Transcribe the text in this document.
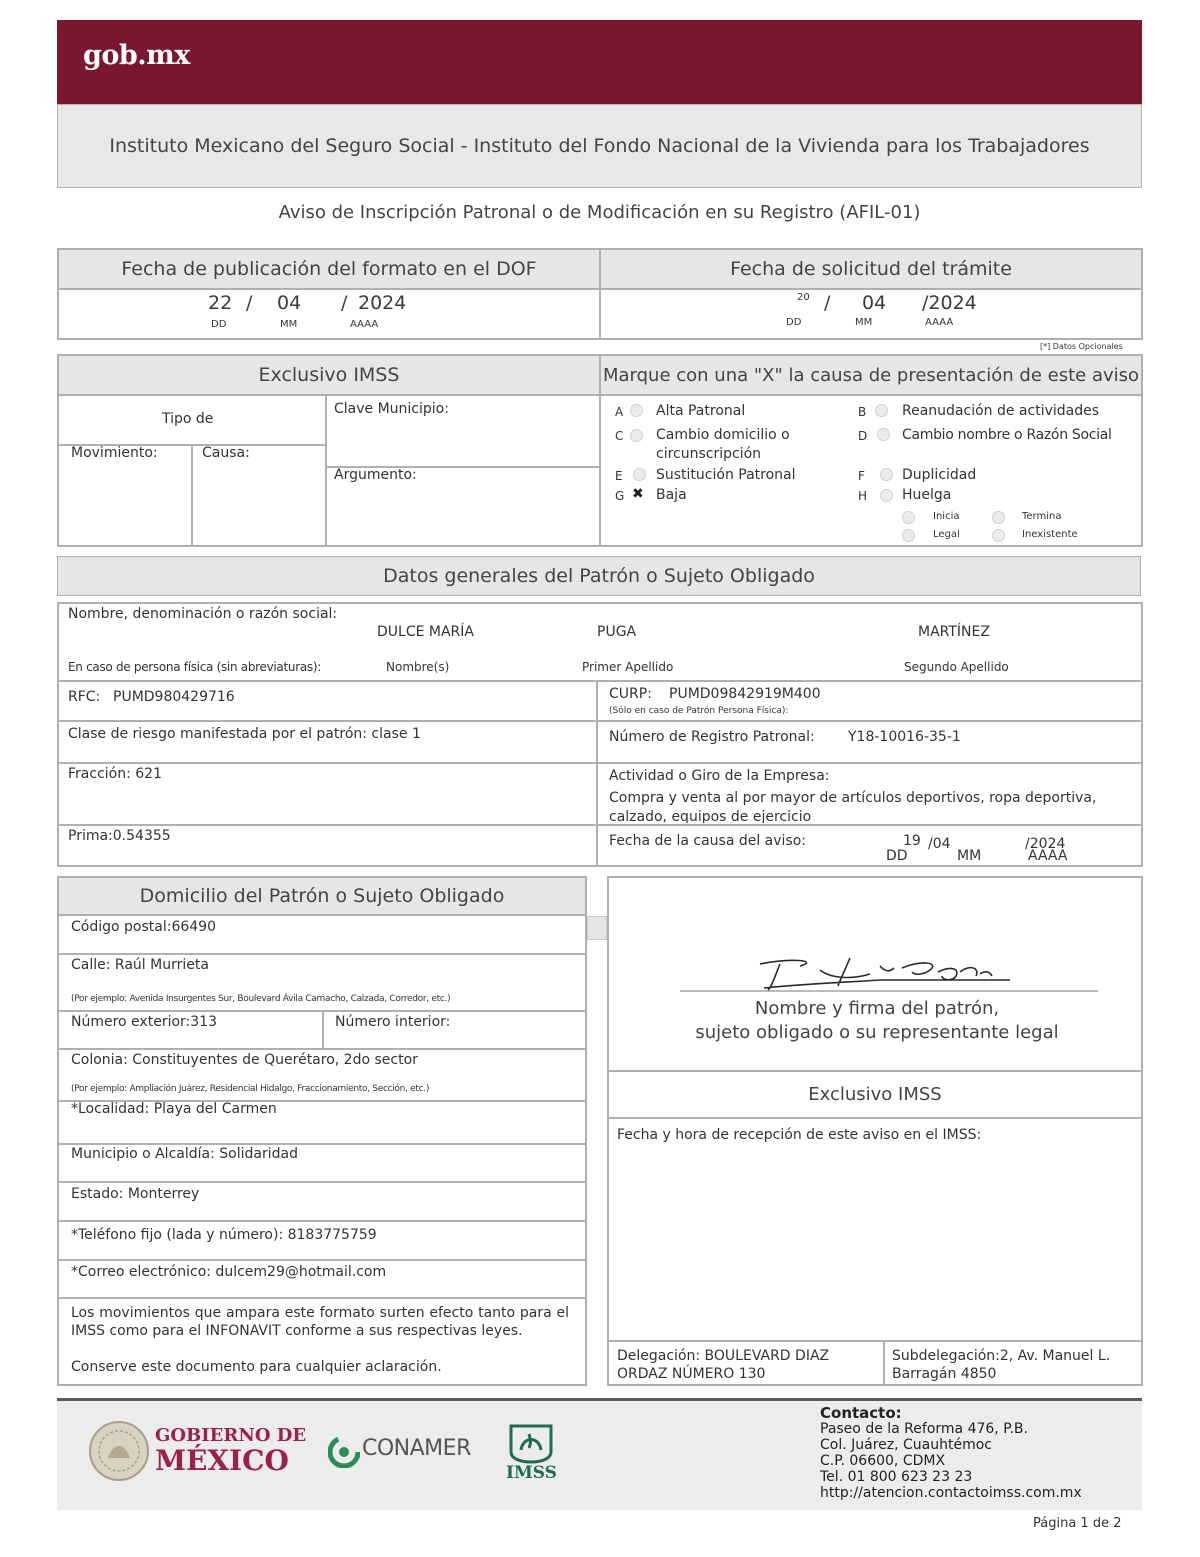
gob.mx
Instituto Mexicano del Seguro Social - Instituto del Fondo Nacional de la Vivienda para los Trabajadores
Aviso de Inscripción Patronal o de Modificación en su Registro (AFIL-01)
Fecha de publicación del formato en el DOF	Fecha de solicitud del trámite
22 / 04 / 2024
DD	MM	AAAA
20 / 04 /2024
DD	MM	AAAA
[*] Datos Opcionales
Exclusivo IMSS	Marque con una "X" la causa de presentación de este aviso
Tipo de
Movimiento:	Causa:
Clave Municipio:
Argumento:
A Alta Patronal	B	Reanudación de actividades
C Cambio domicilio o
circunscripción
D Cambio nombre o Razón Social
E Sustitución Patronal	F	Duplicidad
G ✖ Baja	H Huelga
Inicia	Termina
Legal	Inexistente
Datos generales del Patrón o Sujeto Obligado
Nombre, denominación o razón social:
DULCE MARÍA	PUGA	MARTÍNEZ
En caso de persona física (sin abreviaturas):	Nombre(s)	Primer Apellido	Segundo Apellido
RFC: PUMD980429716	CURP: PUMD09842919M400
(Sólo en caso de Patrón Persona Física):
Clase de riesgo manifestada por el patrón: clase 1	Número de Registro Patronal: Y18-10016-35-1
Fracción: 621	Actividad o Giro de la Empresa:
Compra y venta al por mayor de artículos deportivos, ropa deportiva, calzado, equipos de ejercicio
Prima:0.54355	Fecha de la causa del aviso:	19 /04	/2024
DD	MM	AAAA
Domicilio del Patrón o Sujeto Obligado
Código postal:66490
Calle: Raúl Murrieta
(Por ejemplo: Avenida Insurgentes Sur, Boulevard Ávila Camacho, Calzada, Corredor, etc.)
Número exterior:313	Número interior:
Colonia: Constituyentes de Querétaro, 2do sector
(Por ejemplo: Ampliación Juárez, Residencial Hidalgo, Fraccionamiento, Sección, etc.)
*Localidad: Playa del Carmen
Municipio o Alcaldía: Solidaridad
Estado: Monterrey
*Teléfono fijo (lada y número): 8183775759
*Correo electrónico: dulcem29@hotmail.com
Los movimientos que ampara este formato surten efecto tanto para el IMSS como para el INFONAVIT conforme a sus respectivas leyes.
Conserve este documento para cualquier aclaración.
Nombre y firma del patrón,
sujeto obligado o su representante legal
Exclusivo IMSS
Fecha y hora de recepción de este aviso en el IMSS:
Delegación: BOULEVARD DIAZ ORDAZ NÚMERO 130
Subdelegación:2, Av. Manuel L. Barragán 4850
GOBIERNO DE
MÉXICO	CONAMER
IMSS
Contacto:
Paseo de la Reforma 476, P.B.
Col. Juárez, Cuauhtémoc
C.P. 06600, CDMX
Tel. 01 800 623 23 23
http://atencion.contactoimss.com.mx
Página 1 de 2
